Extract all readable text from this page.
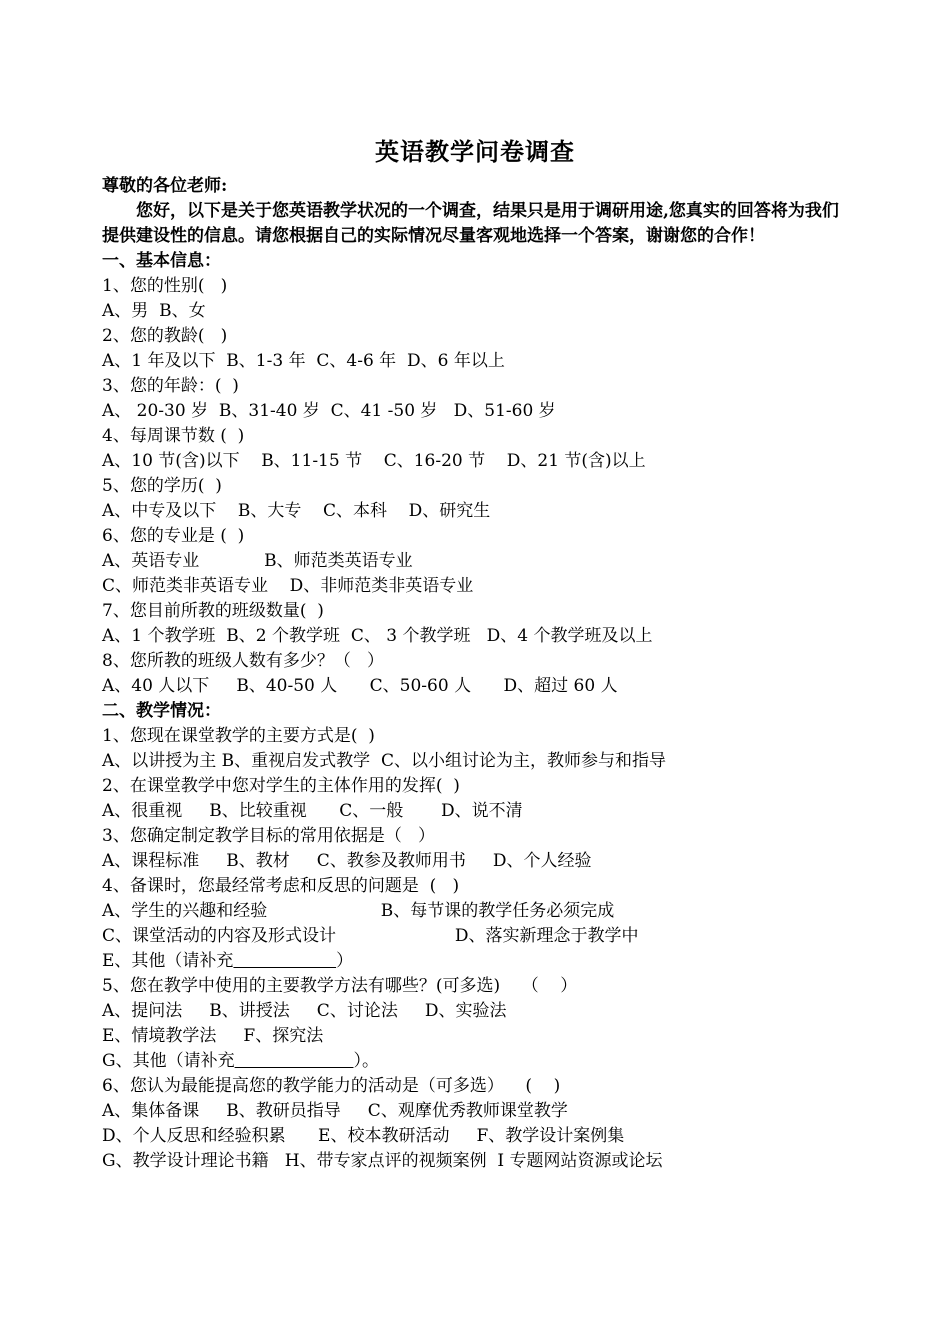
英语教学问卷调查
尊敬的各位老师:

您好，以下是关于您英语教学状况的一个调查，结果只是用于调研用途,您真实的回答将为我们提供建设性的信息。请您根据自己的实际情况尽量客观地选择一个答案，谢谢您的合作！

一、基本信息：
1、您的性别(   )
A、男  B、女
2、您的教龄(   )
A、1 年及以下  B、1-3 年  C、4-6 年  D、6 年以上
3、您的年龄：(  )
A、 20-30 岁  B、31-40 岁  C、41 -50 岁   D、51-60 岁
4、每周课节数 (  )
A、10 节(含)以下    B、11-15 节    C、16-20 节    D、21 节(含)以上
5、您的学历(  )
A、中专及以下    B、大专    C、本科    D、研究生
6、您的专业是 (  )
A、英语专业            B、师范类英语专业
C、师范类非英语专业    D、非师范类非英语专业
7、您目前所教的班级数量(  )
A、1 个教学班  B、2 个教学班  C、 3 个教学班   D、4 个教学班及以上
8、您所教的班级人数有多少？（   ）
A、40 人以下     B、40-50 人      C、50-60 人      D、超过 60 人
二、教学情况：
1、您现在课堂教学的主要方式是(  )
A、以讲授为主 B、重视启发式教学  C、以小组讨论为主，教师参与和指导
2、在课堂教学中您对学生的主体作用的发挥(  )
A、很重视     B、比较重视      C、一般       D、说不清
3、您确定制定教学目标的常用依据是（   ）
A、课程标准     B、教材     C、教参及教师用书     D、个人经验
4、备课时，您最经常考虑和反思的问题是  (   )
A、学生的兴趣和经验                     B、每节课的教学任务必须完成
C、课堂活动的内容及形式设计                      D、落实新理念于教学中
E、其他（请补充	）
5、您在教学中使用的主要教学方法有哪些？(可多选)    （    ）
A、提问法     B、讲授法     C、讨论法     D、实验法
E、情境教学法     F、探究法
G、其他（请补充	）。
6、您认为最能提高您的教学能力的活动是（可多选）    (    )
A、集体备课     B、教研员指导     C、观摩优秀教师课堂教学
D、个人反思和经验积累      E、校本教研活动     F、教学设计案例集
G、教学设计理论书籍   H、带专家点评的视频案例  I 专题网站资源或论坛
